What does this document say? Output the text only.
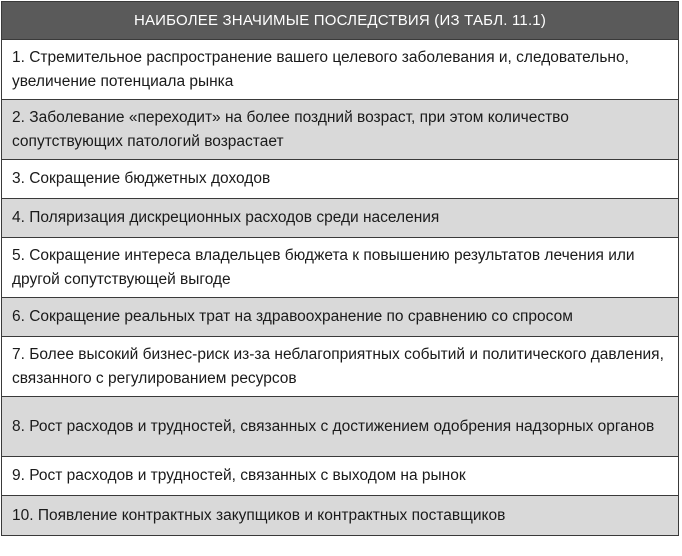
НАИБОЛЕЕ ЗНАЧИМЫЕ ПОСЛЕДСТВИЯ (ИЗ ТАБЛ. 11.1)
1. Стремительное распространение вашего целевого заболевания и, следовательно, увеличение потенциала рынка
2. Заболевание «переходит» на более поздний возраст, при этом количество сопутствующих патологий возрастает
3. Сокращение бюджетных доходов
4. Поляризация дискреционных расходов среди населения
5. Сокращение интереса владельцев бюджета к повышению результатов лечения или другой сопутствующей выгоде
6. Сокращение реальных трат на здравоохранение по сравнению со спросом
7. Более высокий бизнес-риск из-за неблагоприятных событий и политического давления, связанного с регулированием ресурсов
8. Рост расходов и трудностей, связанных с достижением одобрения надзорных органов
9. Рост расходов и трудностей, связанных с выходом на рынок
10. Появление контрактных закупщиков и контрактных поставщиков
